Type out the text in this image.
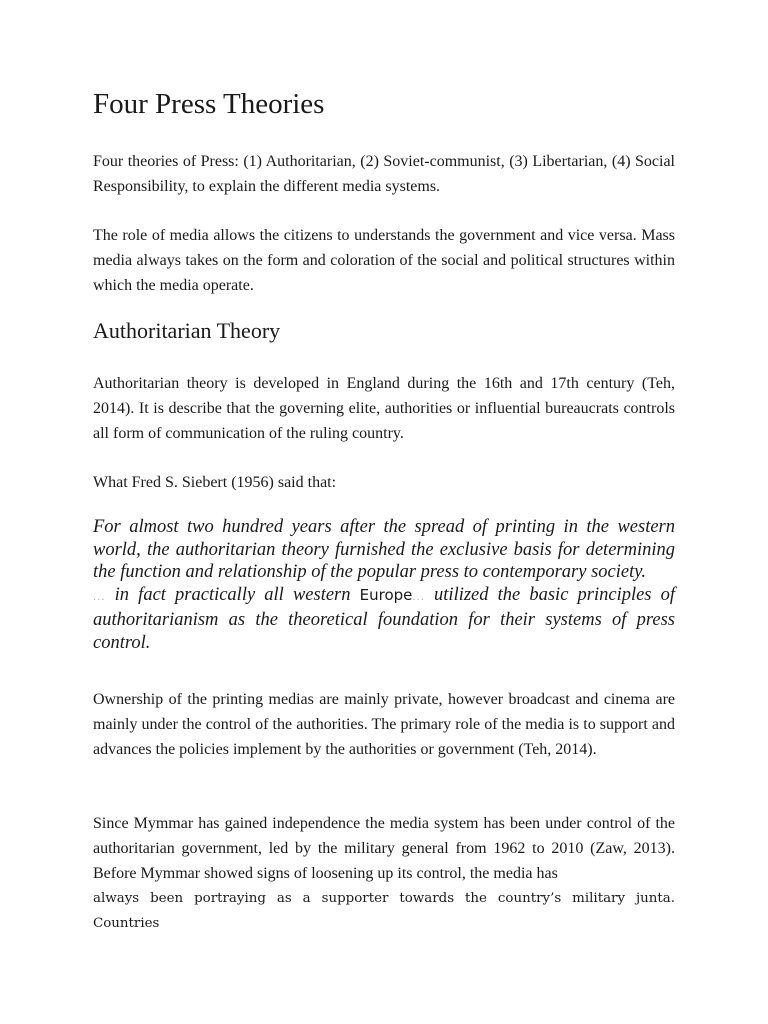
Four Press Theories

Four theories of Press: (1) Authoritarian, (2) Soviet-communist, (3) Libertarian, (4) Social Responsibility, to explain the different media systems.

The role of media allows the citizens to understands the government and vice versa. Mass media always takes on the form and coloration of the social and political structures within which the media operate.

Authoritarian Theory

Authoritarian theory is developed in England during the 16th and 17th century (Teh, 2014). It is describe that the governing elite, authorities or influential bureaucrats controls all form of communication of the ruling country.

What Fred S. Siebert (1956) said that:

For almost two hundred years after the spread of printing in the western world, the authoritarian theory furnished the exclusive basis for determining the function and relationship of the popular press to contemporary society.
... in fact practically all western Europe... utilized the basic principles of authoritarianism as the theoretical foundation for their systems of press control.

Ownership of the printing medias are mainly private, however broadcast and cinema are mainly under the control of the authorities. The primary role of the media is to support and advances the policies implement by the authorities or government (Teh, 2014).

Since Mymmar has gained independence the media system has been under control of the authoritarian government, led by the military general from 1962 to 2010 (Zaw, 2013). Before Mymmar showed signs of loosening up its control, the media has
always been portraying as a supporter towards the country’s military junta. Countries
